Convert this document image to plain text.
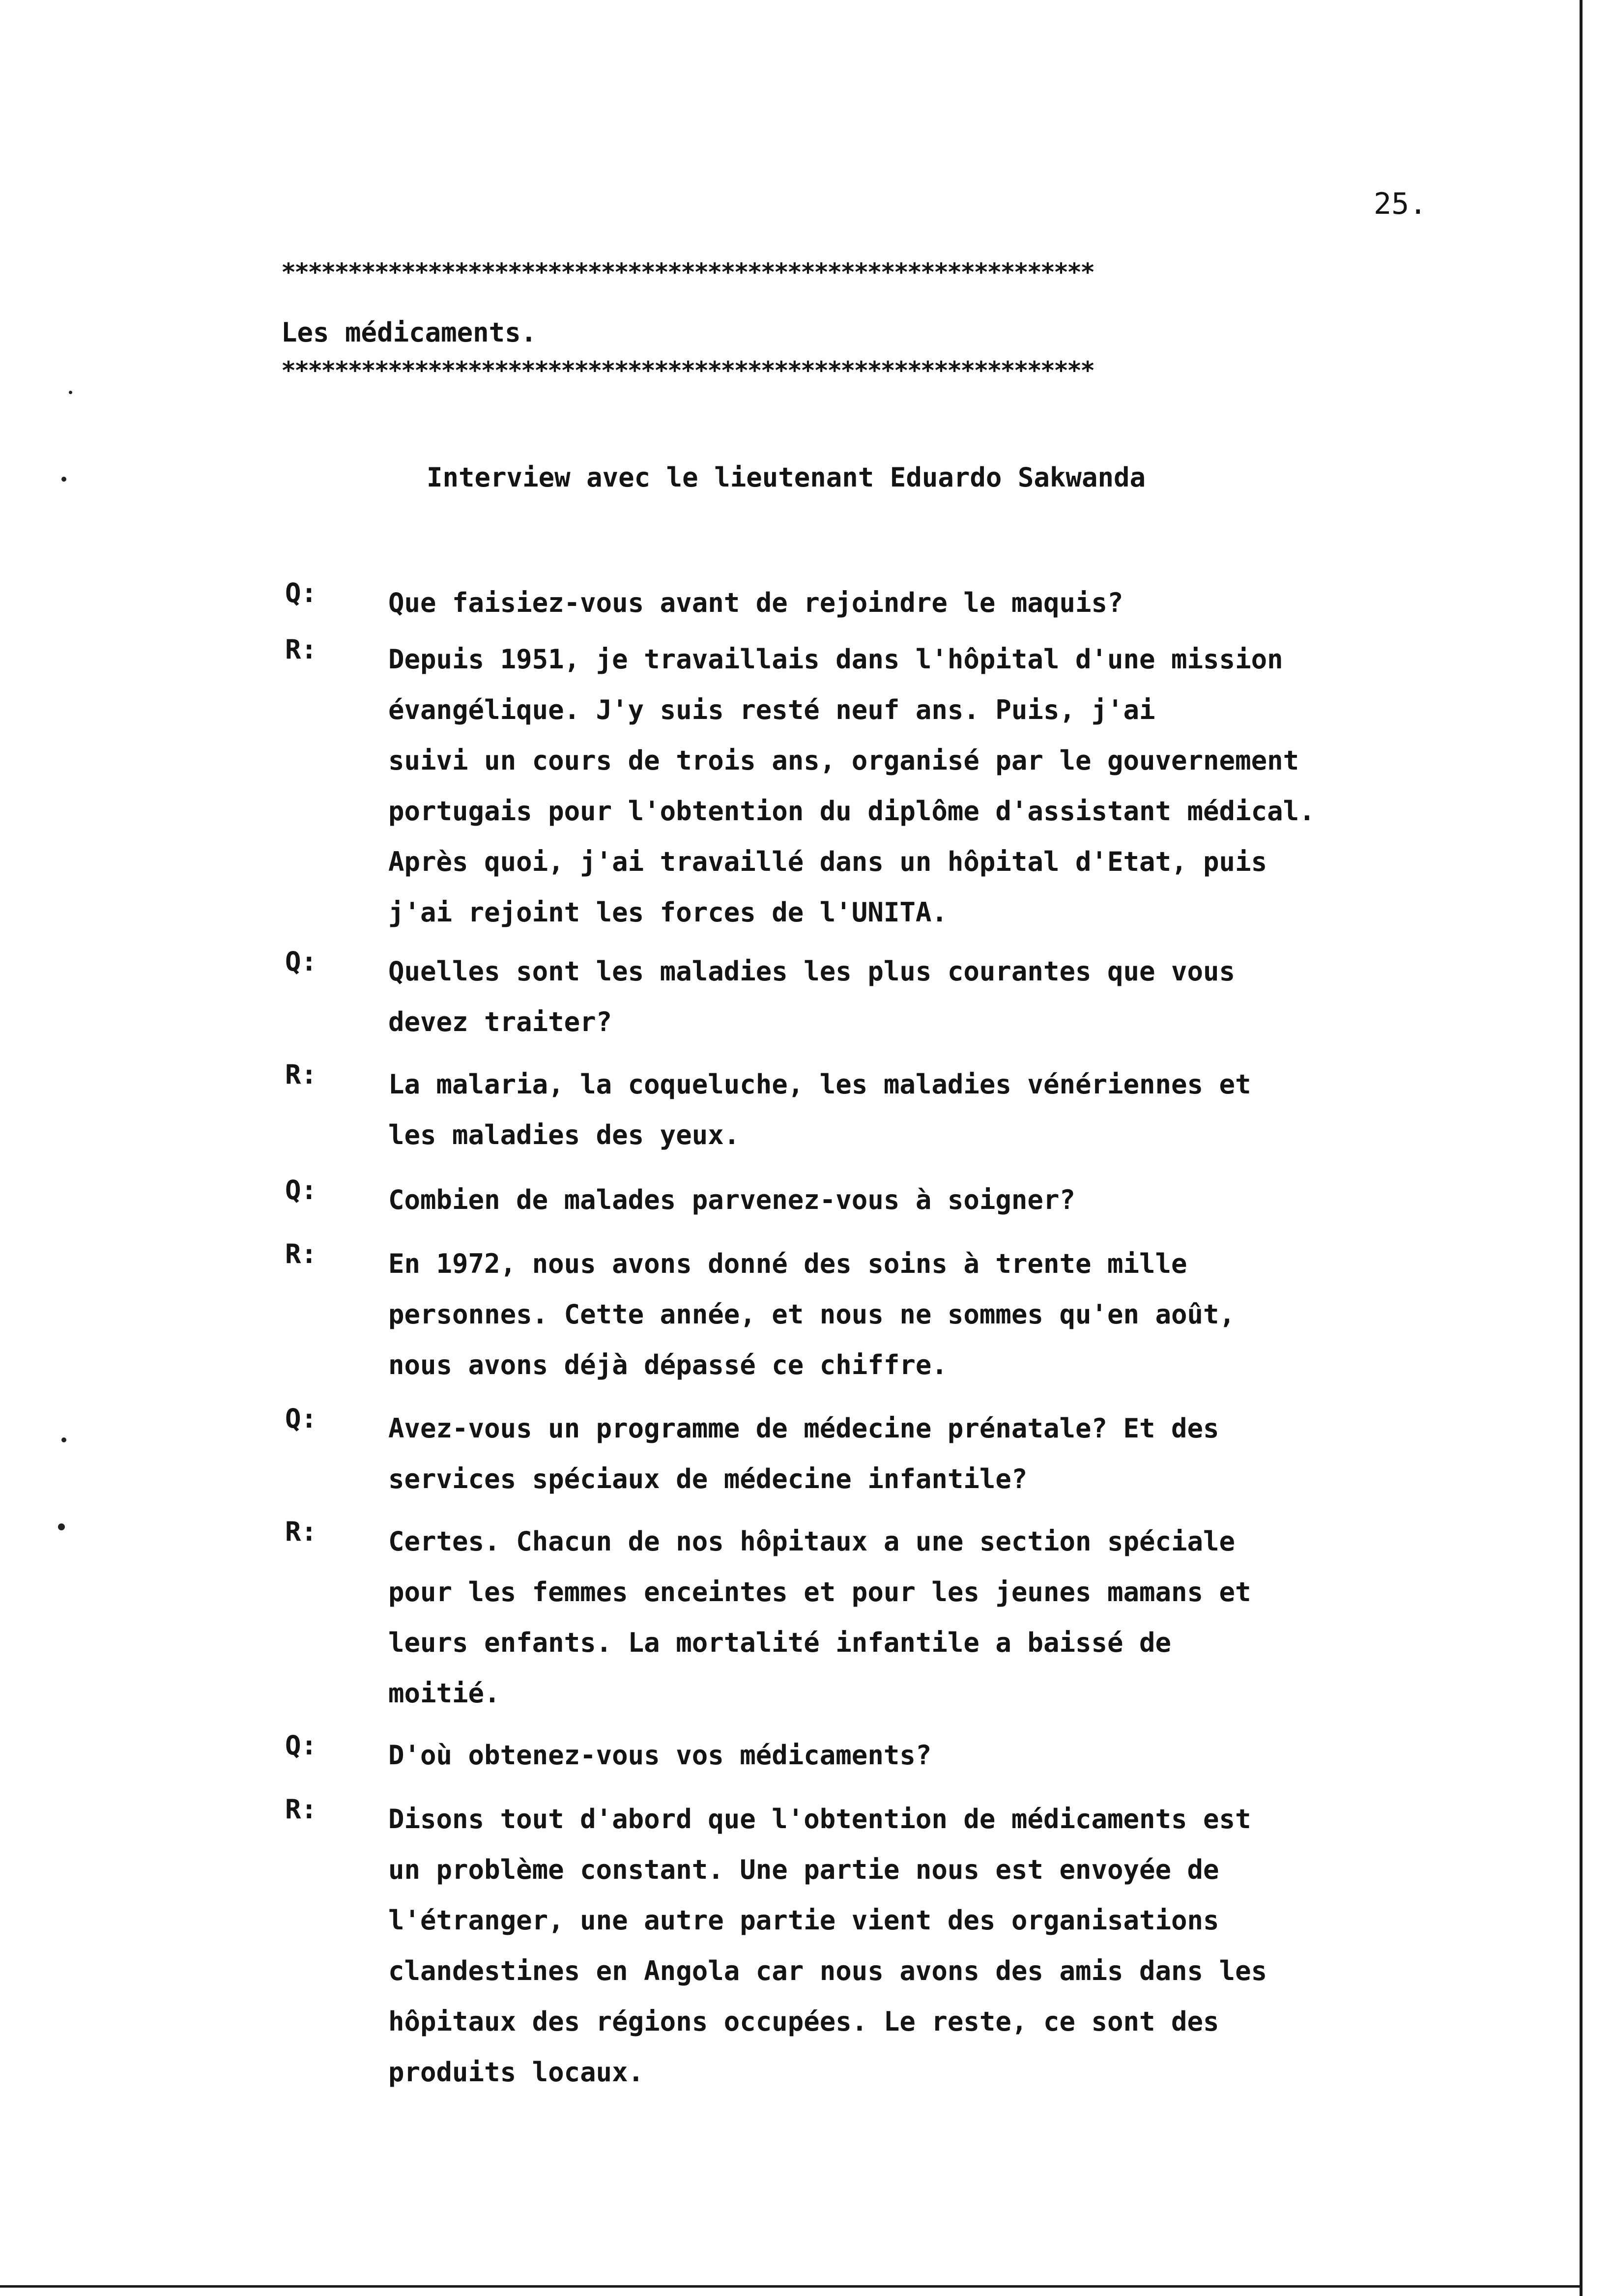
25.
*************************************************************
Les médicaments.
*************************************************************
Interview avec le lieutenant Eduardo Sakwanda
Q:	Que faisiez-vous avant de rejoindre le maquis?
R:	Depuis 1951, je travaillais dans l'hôpital d'une mission
évangélique. J'y suis resté neuf ans. Puis, j'ai
suivi un cours de trois ans, organisé par le gouvernement
portugais pour l'obtention du diplôme d'assistant médical.
Après quoi, j'ai travaillé dans un hôpital d'Etat, puis
j'ai rejoint les forces de l'UNITA.
Q:	Quelles sont les maladies les plus courantes que vous
devez traiter?
R:	La malaria, la coqueluche, les maladies vénériennes et
les maladies des yeux.
Q:	Combien de malades parvenez-vous à soigner?
R:	En 1972, nous avons donné des soins à trente mille
personnes. Cette année, et nous ne sommes qu'en août,
nous avons déjà dépassé ce chiffre.
Q:	Avez-vous un programme de médecine prénatale? Et des
services spéciaux de médecine infantile?
R:	Certes. Chacun de nos hôpitaux a une section spéciale
pour les femmes enceintes et pour les jeunes mamans et
leurs enfants. La mortalité infantile a baissé de
moitié.
Q:	D'où obtenez-vous vos médicaments?
R:	Disons tout d'abord que l'obtention de médicaments est
un problème constant. Une partie nous est envoyée de
l'étranger, une autre partie vient des organisations
clandestines en Angola car nous avons des amis dans les
hôpitaux des régions occupées. Le reste, ce sont des
produits locaux.
